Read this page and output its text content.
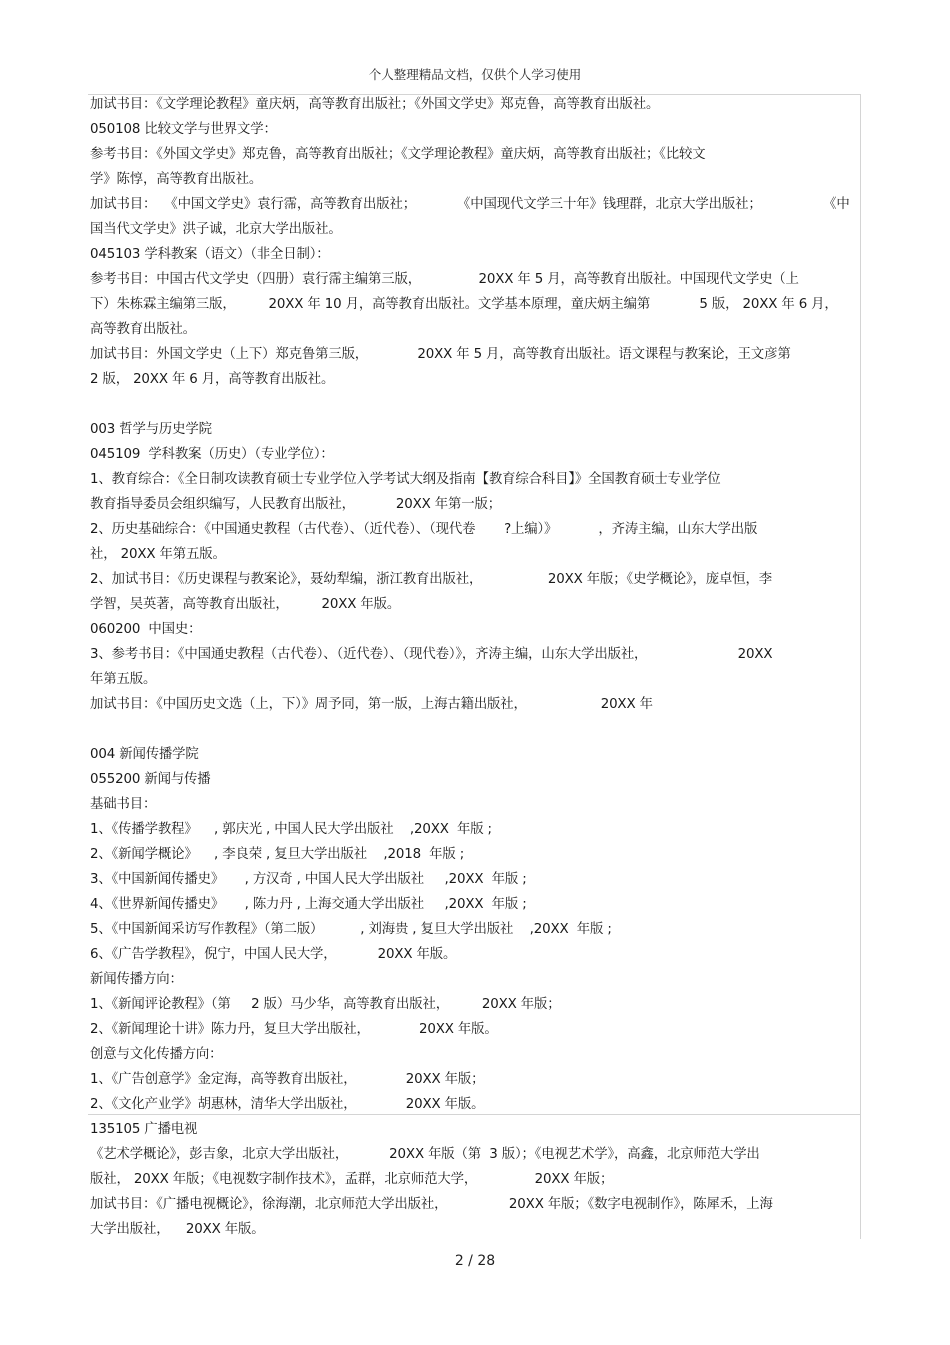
个人整理精品文档，仅供个人学习使用
加试书目：《文学理论教程》童庆炳，高等教育出版社；《外国文学史》郑克鲁，高等教育出版社。
050108 比较文学与世界文学：
参考书目：《外国文学史》郑克鲁，高等教育出版社；《文学理论教程》童庆炳，高等教育出版社；《比较文
学》陈惇，高等教育出版社。
加试书目：  《中国文学史》袁行霈，高等教育出版社；          《中国现代文学三十年》钱理群，北京大学出版社；               《中
国当代文学史》洪子诚，北京大学出版社。
045103 学科教案（语文）（非全日制）：
参考书目：中国古代文学史（四册）袁行霈主编第三版，              20XX 年 5 月，高等教育出版社。中国现代文学史（上
下）朱栋霖主编第三版，        20XX 年 10 月，高等教育出版社。文学基本原理，童庆炳主编第            5 版， 20XX 年 6 月，
高等教育出版社。
加试书目：外国文学史（上下）郑克鲁第三版，            20XX 年 5 月，高等教育出版社。语文课程与教案论，王文彦第
2 版， 20XX 年 6 月，高等教育出版社。
003 哲学与历史学院
045109  学科教案（历史）（专业学位）：
1、教育综合：《全日制攻读教育硕士专业学位入学考试大纲及指南【教育综合科目】》全国教育硕士专业学位
教育指导委员会组织编写，人民教育出版社，          20XX 年第一版；
2、历史基础综合：《中国通史教程（古代卷）、（近代卷）、（现代卷       ?上编）》          ，齐涛主编，山东大学出版
社， 20XX 年第五版。
2、加试书目：《历史课程与教案论》，聂幼犁编，浙江教育出版社，                20XX 年版；《史学概论》，庞卓恒，李
学智，吴英著，高等教育出版社，        20XX 年版。
060200  中国史：
3、参考书目：《中国通史教程（古代卷）、（近代卷）、（现代卷）》，齐涛主编，山东大学出版社，                      20XX
年第五版。
加试书目：《中国历史文选（上，下）》周予同，第一版，上海古籍出版社，                  20XX 年
004 新闻传播学院
055200 新闻与传播
基础书目：
1、《传播学教程》    , 郭庆光 , 中国人民大学出版社    ,20XX  年版 ;
2、《新闻学概论》    , 李良荣 , 复旦大学出版社    ,2018  年版 ;
3、《中国新闻传播史》     , 方汉奇 , 中国人民大学出版社     ,20XX  年版 ;
4、《世界新闻传播史》     , 陈力丹 , 上海交通大学出版社     ,20XX  年版 ;
5、《中国新闻采访写作教程》（第二版）         , 刘海贵 , 复旦大学出版社    ,20XX  年版 ;
6、《广告学教程》，倪宁，中国人民大学，          20XX 年版。
新闻传播方向：
1、《新闻评论教程》（第     2 版）马少华，高等教育出版社，        20XX 年版；
2、《新闻理论十讲》陈力丹，复旦大学出版社，            20XX 年版。
创意与文化传播方向：
1、《广告创意学》金定海，高等教育出版社，            20XX 年版；
2、《文化产业学》胡惠林，清华大学出版社，            20XX 年版。
135105 广播电视
《艺术学概论》，彭吉象，北京大学出版社，          20XX 年版（第  3 版）；《电视艺术学》，高鑫，北京师范大学出
版社， 20XX 年版；《电视数字制作技术》，孟群，北京师范大学，              20XX 年版；
加试书目：《广播电视概论》，徐海潮，北京师范大学出版社，               20XX 年版；《数字电视制作》，陈犀禾，上海
大学出版社，    20XX 年版。
2 / 28
